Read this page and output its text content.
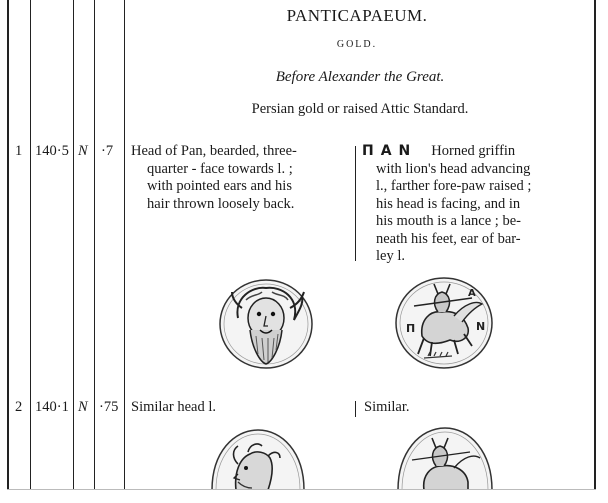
PANTICAPAEUM.
GOLD.
Before Alexander the Great.
Persian gold or raised Attic Standard.
1 140·5 N ·7 Head of Pan, bearded, three-
quarter - face towards l. ;
with pointed ears and his
hair thrown loosely back.
ΠAN Horned griffin
with lion's head advancing
l., farther fore-paw raised ;
his head is facing, and in
his mouth is a lance ; be-
neath his feet, ear of bar-
ley l.
Π	N
A
2 140·1 N ·75 Similar head l.	Similar.
